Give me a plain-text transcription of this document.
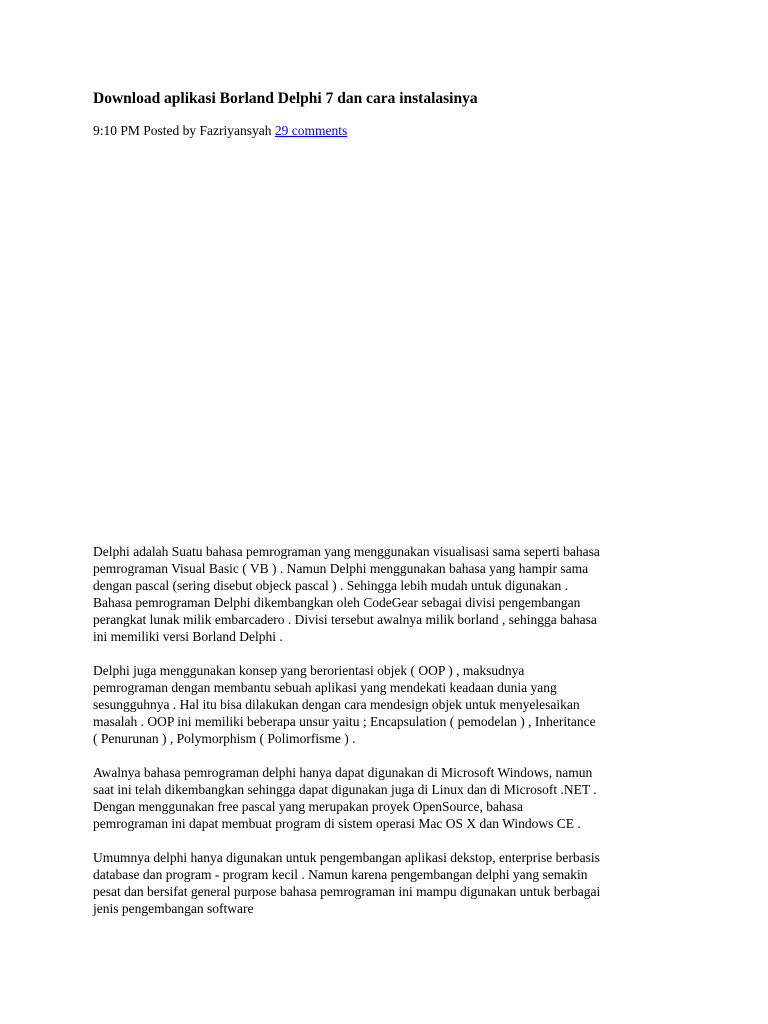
Download aplikasi Borland Delphi 7 dan cara instalasinya
9:10 PM Posted by Fazriyansyah 29 comments

Delphi adalah Suatu bahasa pemrograman yang menggunakan visualisasi sama seperti bahasa
pemrograman Visual Basic ( VB ) . Namun Delphi menggunakan bahasa yang hampir sama
dengan pascal (sering disebut objeck pascal ) . Sehingga lebih mudah untuk digunakan .
Bahasa pemrograman Delphi dikembangkan oleh CodeGear sebagai divisi pengembangan
perangkat lunak milik embarcadero . Divisi tersebut awalnya milik borland , sehingga bahasa
ini memiliki versi Borland Delphi .

Delphi juga menggunakan konsep yang berorientasi objek ( OOP ) , maksudnya
pemrograman dengan membantu sebuah aplikasi yang mendekati keadaan dunia yang
sesungguhnya . Hal itu bisa dilakukan dengan cara mendesign objek untuk menyelesaikan
masalah . OOP ini memiliki beberapa unsur yaitu ; Encapsulation ( pemodelan ) , Inheritance
( Penurunan ) , Polymorphism ( Polimorfisme ) .

Awalnya bahasa pemrograman delphi hanya dapat digunakan di Microsoft Windows, namun
saat ini telah dikembangkan sehingga dapat digunakan juga di Linux dan di Microsoft .NET .
Dengan menggunakan free pascal yang merupakan proyek OpenSource, bahasa
pemrograman ini dapat membuat program di sistem operasi Mac OS X dan Windows CE .

Umumnya delphi hanya digunakan untuk pengembangan aplikasi dekstop, enterprise berbasis
database dan program - program kecil . Namun karena pengembangan delphi yang semakin
pesat dan bersifat general purpose bahasa pemrograman ini mampu digunakan untuk berbagai
jenis pengembangan software
